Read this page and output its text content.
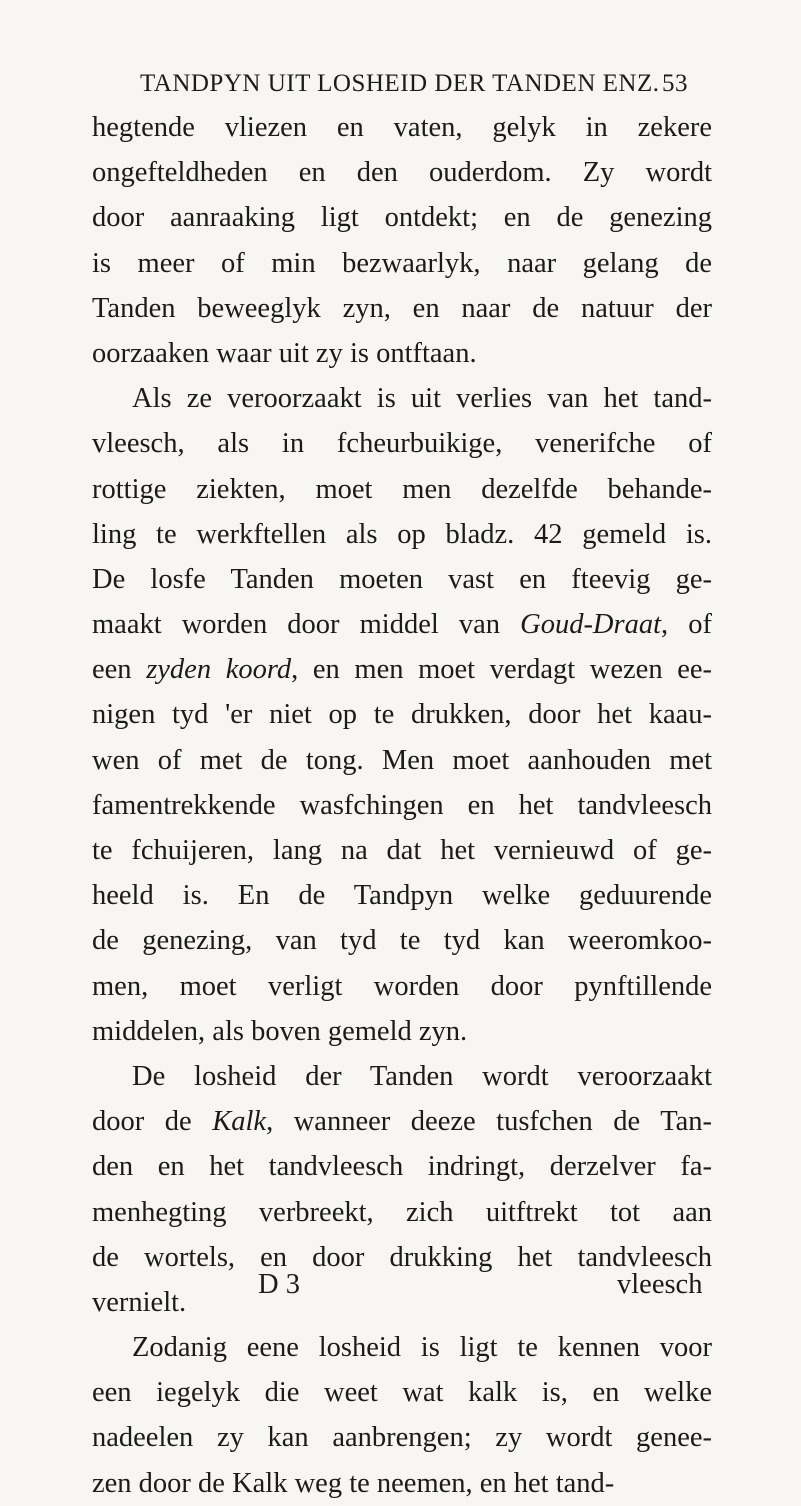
TANDPYN UIT LOSHEID DER TANDEN ENZ. 53
hegtende vliezen en vaten, gelyk in zekere
ongefteldheden en den ouderdom. Zy wordt
door aanraaking ligt ontdekt; en de genezing
is meer of min bezwaarlyk, naar gelang de
Tanden beweeglyk zyn, en naar de natuur der
oorzaaken waar uit zy is ontftaan.
Als ze veroorzaakt is uit verlies van het tand-
vleesch, als in fcheurbuikige, venerifche of
rottige ziekten, moet men dezelfde behande-
ling te werkftellen als op bladz. 42 gemeld is.
De losfe Tanden moeten vast en fteevig ge-
maakt worden door middel van Goud-Draat, of
een zyden koord, en men moet verdagt wezen ee-
nigen tyd 'er niet op te drukken, door het kaau-
wen of met de tong. Men moet aanhouden met
famentrekkende wasfchingen en het tandvleesch
te fchuijeren, lang na dat het vernieuwd of ge-
heeld is. En de Tandpyn welke geduurende
de genezing, van tyd te tyd kan weeromkoo-
men, moet verligt worden door pynftillende
middelen, als boven gemeld zyn.
De losheid der Tanden wordt veroorzaakt
door de Kalk, wanneer deeze tusfchen de Tan-
den en het tandvleesch indringt, derzelver fa-
menhegting verbreekt, zich uitftrekt tot aan
de wortels, en door drukking het tandvleesch
vernielt.
Zodanig eene losheid is ligt te kennen voor
een iegelyk die weet wat kalk is, en welke
nadeelen zy kan aanbrengen; zy wordt genee-
zen door de Kalk weg te neemen, en het tand-
D 3	vleesch
